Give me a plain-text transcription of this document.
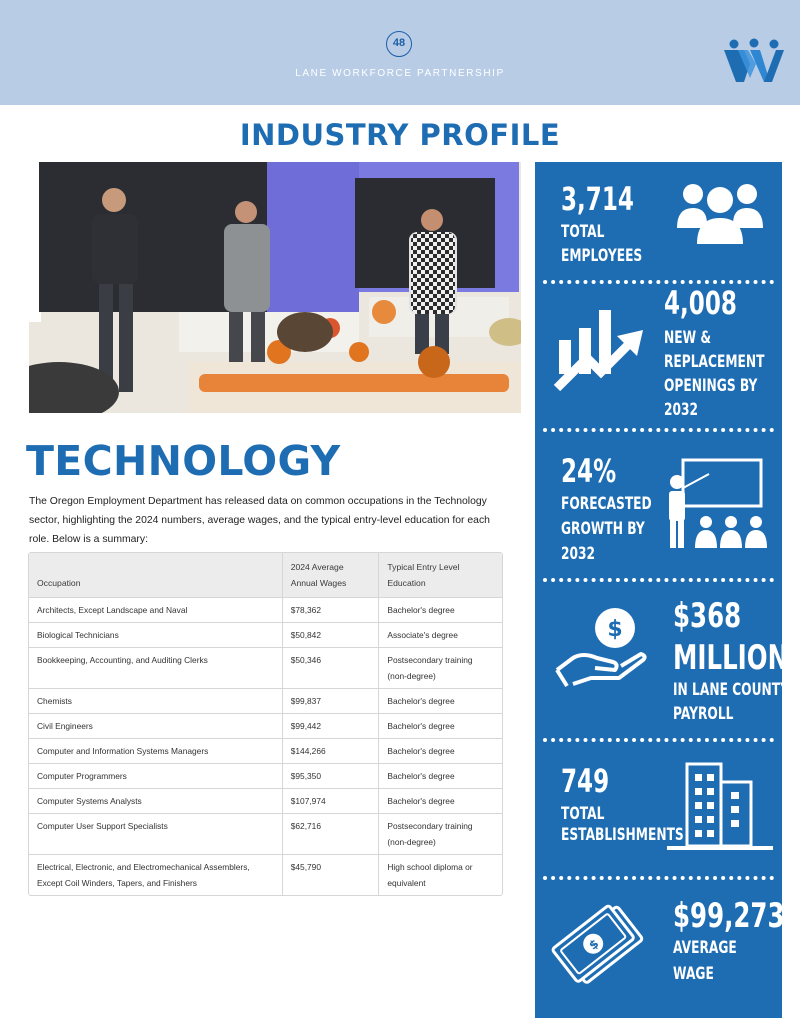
48
LANE WORKFORCE PARTNERSHIP
INDUSTRY PROFILE
TECHNOLOGY

The Oregon Employment Department has released data on common occupations in the Technology sector, highlighting the 2024 numbers, average wages, and the typical entry-level education for each role. Below is a summary:

Occupation	2024 Average Annual Wages	Typical Entry Level Education
Architects, Except Landscape and Naval	$78,362	Bachelor's degree
Biological Technicians	$50,842	Associate's degree
Bookkeeping, Accounting, and Auditing Clerks	$50,346	Postsecondary training (non-degree)
Chemists	$99,837	Bachelor's degree
Civil Engineers	$99,442	Bachelor's degree
Computer and Information Systems Managers	$144,266	Bachelor's degree
Computer Programmers	$95,350	Bachelor's degree
Computer Systems Analysts	$107,974	Bachelor's degree
Computer User Support Specialists	$62,716	Postsecondary training (non-degree)
Electrical, Electronic, and Electromechanical Assemblers, Except Coil Winders, Tapers, and Finishers	$45,790	High school diploma or equivalent
3,714
TOTAL
EMPLOYEES
4,008
NEW &
REPLACEMENT
OPENINGS BY
2032
24%
FORECASTED
GROWTH BY
2032
$368
MILLION
IN LANE COUNTY
PAYROLL
$
749
TOTAL
ESTABLISHMENTS
$99,273
AVERAGE
WAGE
$
